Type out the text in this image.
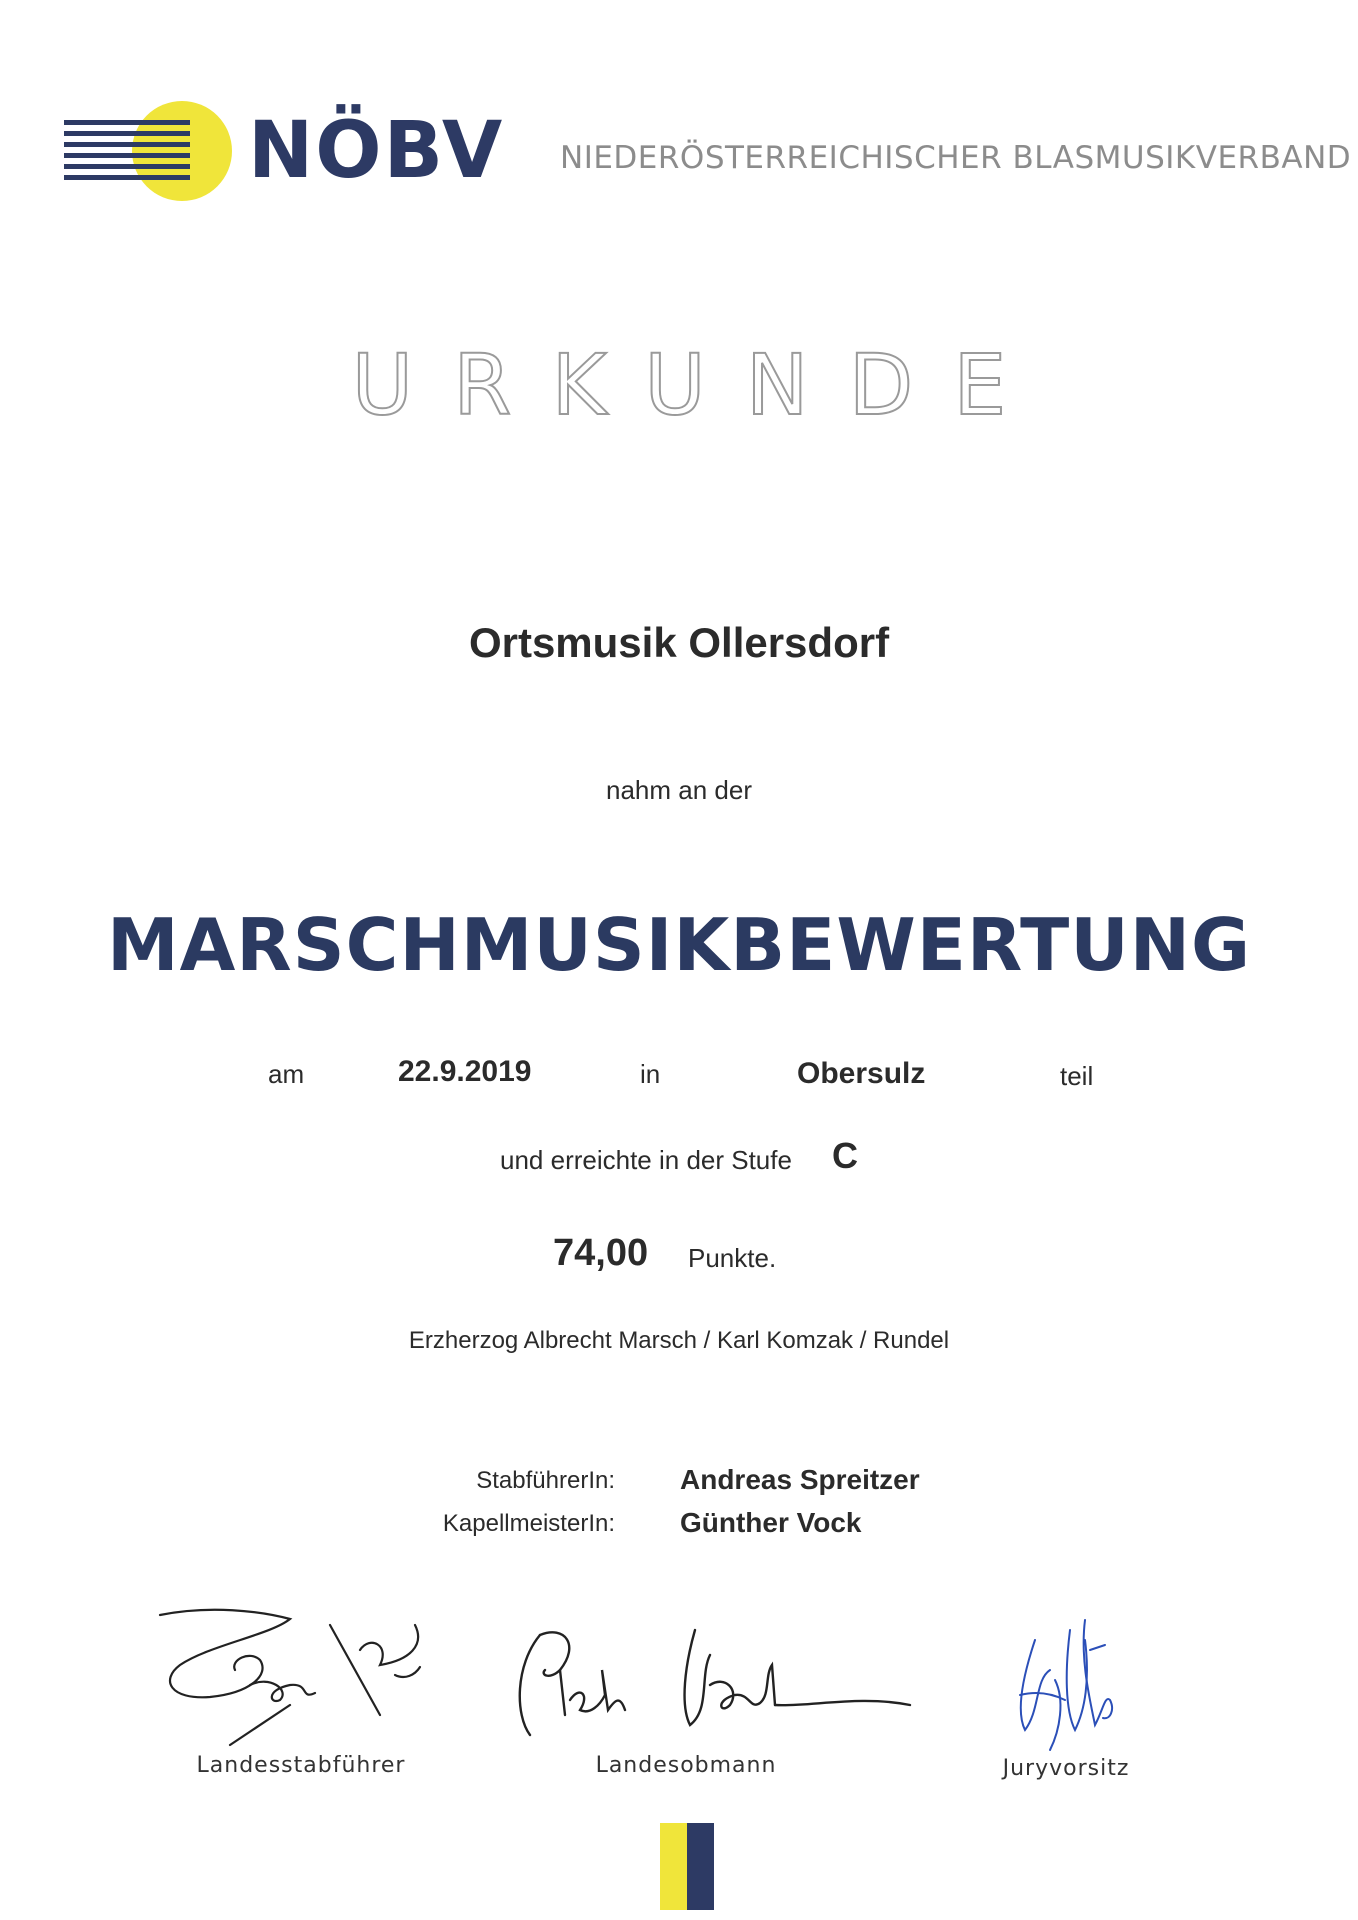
NÖBV NIEDERÖSTERREICHISCHER BLASMUSIKVERBAND
URKUNDE
Ortsmusik Ollersdorf
nahm an der
MARSCHMUSIKBEWERTUNG
am	22.9.2019	in	Obersulz	teil
und erreichte in der Stufe C
74,00 Punkte.
Erzherzog Albrecht Marsch / Karl Komzak / Rundel
StabführerIn: Andreas Spreitzer
KapellmeisterIn: Günther Vock
Landesstabführer	Landesobmann	Juryvorsitz
